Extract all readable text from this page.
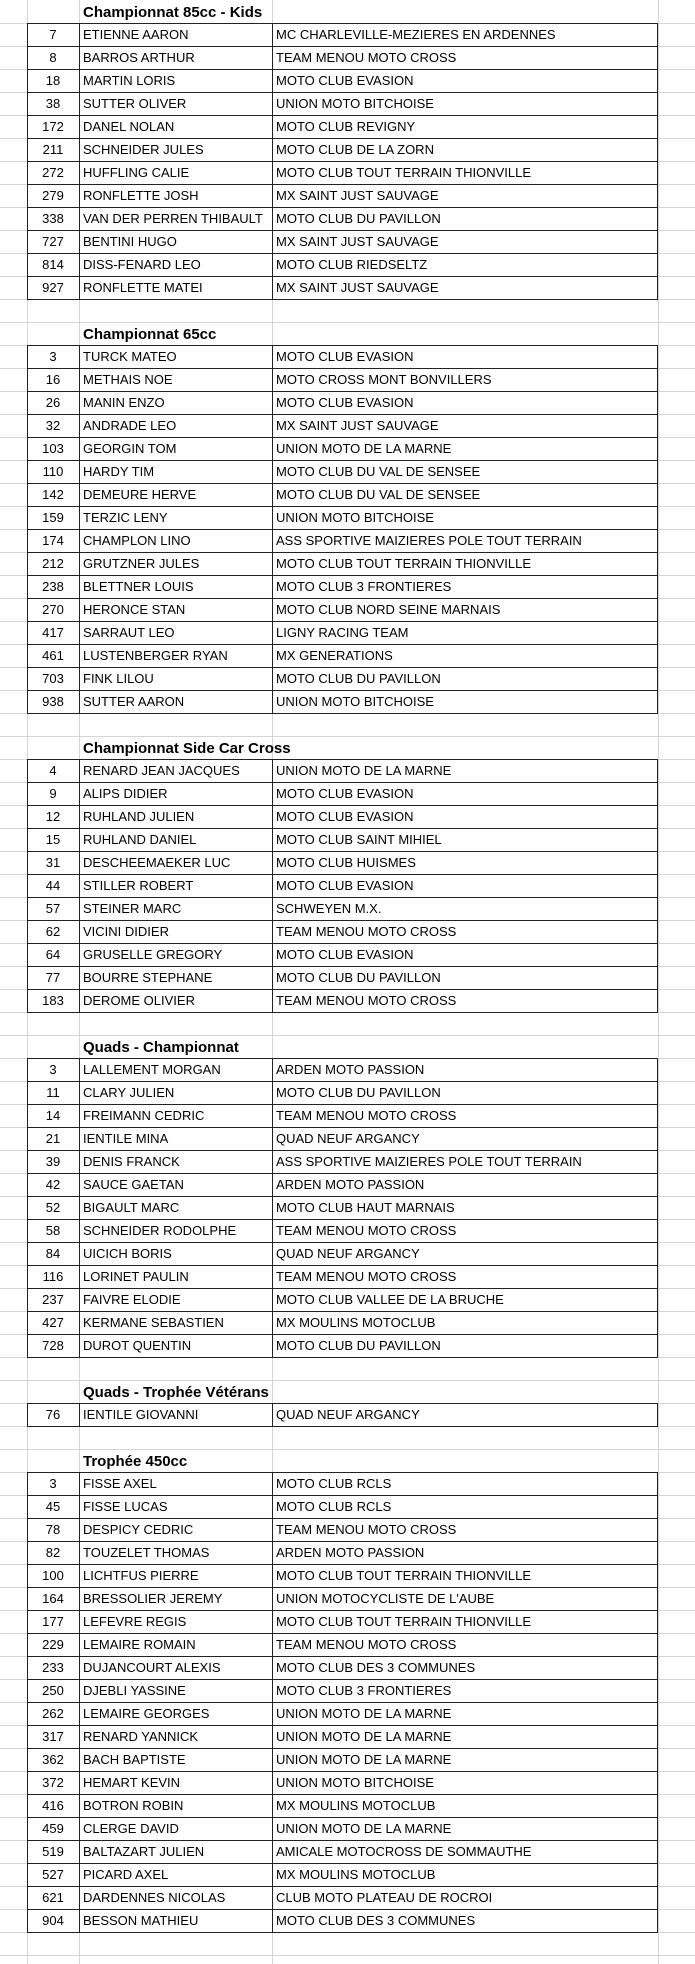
Championnat 85cc - Kids
7	ETIENNE AARON	MC CHARLEVILLE-MEZIERES EN ARDENNES
8	BARROS ARTHUR	TEAM MENOU MOTO CROSS
18	MARTIN LORIS	MOTO CLUB EVASION
38	SUTTER OLIVER	UNION MOTO BITCHOISE
172	DANEL NOLAN	MOTO CLUB REVIGNY
211	SCHNEIDER JULES	MOTO CLUB DE LA ZORN
272	HUFFLING CALIE	MOTO CLUB TOUT TERRAIN THIONVILLE
279	RONFLETTE JOSH	MX SAINT JUST SAUVAGE
338	VAN DER PERREN THIBAULT	MOTO CLUB DU PAVILLON
727	BENTINI HUGO	MX SAINT JUST SAUVAGE
814	DISS-FENARD LEO	MOTO CLUB RIEDSELTZ
927	RONFLETTE MATEI	MX SAINT JUST SAUVAGE
Championnat 65cc
3	TURCK MATEO	MOTO CLUB EVASION
16	METHAIS NOE	MOTO CROSS MONT BONVILLERS
26	MANIN ENZO	MOTO CLUB EVASION
32	ANDRADE LEO	MX SAINT JUST SAUVAGE
103	GEORGIN TOM	UNION MOTO DE LA MARNE
110	HARDY TIM	MOTO CLUB DU VAL DE SENSEE
142	DEMEURE HERVE	MOTO CLUB DU VAL DE SENSEE
159	TERZIC LENY	UNION MOTO BITCHOISE
174	CHAMPLON LINO	ASS SPORTIVE MAIZIERES POLE TOUT TERRAIN
212	GRUTZNER JULES	MOTO CLUB TOUT TERRAIN THIONVILLE
238	BLETTNER LOUIS	MOTO CLUB 3 FRONTIERES
270	HERONCE STAN	MOTO CLUB NORD SEINE MARNAIS
417	SARRAUT LEO	LIGNY RACING TEAM
461	LUSTENBERGER RYAN	MX GENERATIONS
703	FINK LILOU	MOTO CLUB DU PAVILLON
938	SUTTER AARON	UNION MOTO BITCHOISE
Championnat Side Car Cross
4	RENARD JEAN JACQUES	UNION MOTO DE LA MARNE
9	ALIPS DIDIER	MOTO CLUB EVASION
12	RUHLAND JULIEN	MOTO CLUB EVASION
15	RUHLAND DANIEL	MOTO CLUB SAINT MIHIEL
31	DESCHEEMAEKER LUC	MOTO CLUB HUISMES
44	STILLER ROBERT	MOTO CLUB EVASION
57	STEINER MARC	SCHWEYEN M.X.
62	VICINI DIDIER	TEAM MENOU MOTO CROSS
64	GRUSELLE GREGORY	MOTO CLUB EVASION
77	BOURRE STEPHANE	MOTO CLUB DU PAVILLON
183	DEROME OLIVIER	TEAM MENOU MOTO CROSS
Quads - Championnat
3	LALLEMENT MORGAN	ARDEN MOTO PASSION
11	CLARY JULIEN	MOTO CLUB DU PAVILLON
14	FREIMANN CEDRIC	TEAM MENOU MOTO CROSS
21	IENTILE MINA	QUAD NEUF ARGANCY
39	DENIS FRANCK	ASS SPORTIVE MAIZIERES POLE TOUT TERRAIN
42	SAUCE GAETAN	ARDEN MOTO PASSION
52	BIGAULT MARC	MOTO CLUB HAUT MARNAIS
58	SCHNEIDER RODOLPHE	TEAM MENOU MOTO CROSS
84	UICICH BORIS	QUAD NEUF ARGANCY
116	LORINET PAULIN	TEAM MENOU MOTO CROSS
237	FAIVRE ELODIE	MOTO CLUB VALLEE DE LA BRUCHE
427	KERMANE SEBASTIEN	MX MOULINS MOTOCLUB
728	DUROT QUENTIN	MOTO CLUB DU PAVILLON
Quads - Trophée Vétérans
76	IENTILE GIOVANNI	QUAD NEUF ARGANCY
Trophée 450cc
3	FISSE AXEL	MOTO CLUB RCLS
45	FISSE LUCAS	MOTO CLUB RCLS
78	DESPICY CEDRIC	TEAM MENOU MOTO CROSS
82	TOUZELET THOMAS	ARDEN MOTO PASSION
100	LICHTFUS PIERRE	MOTO CLUB TOUT TERRAIN THIONVILLE
164	BRESSOLIER JEREMY	UNION MOTOCYCLISTE DE L'AUBE
177	LEFEVRE REGIS	MOTO CLUB TOUT TERRAIN THIONVILLE
229	LEMAIRE ROMAIN	TEAM MENOU MOTO CROSS
233	DUJANCOURT ALEXIS	MOTO CLUB DES 3 COMMUNES
250	DJEBLI YASSINE	MOTO CLUB 3 FRONTIERES
262	LEMAIRE GEORGES	UNION MOTO DE LA MARNE
317	RENARD YANNICK	UNION MOTO DE LA MARNE
362	BACH BAPTISTE	UNION MOTO DE LA MARNE
372	HEMART KEVIN	UNION MOTO BITCHOISE
416	BOTRON ROBIN	MX MOULINS MOTOCLUB
459	CLERGE DAVID	UNION MOTO DE LA MARNE
519	BALTAZART JULIEN	AMICALE MOTOCROSS DE SOMMAUTHE
527	PICARD AXEL	MX MOULINS MOTOCLUB
621	DARDENNES NICOLAS	CLUB MOTO PLATEAU DE ROCROI
904	BESSON MATHIEU	MOTO CLUB DES 3 COMMUNES
